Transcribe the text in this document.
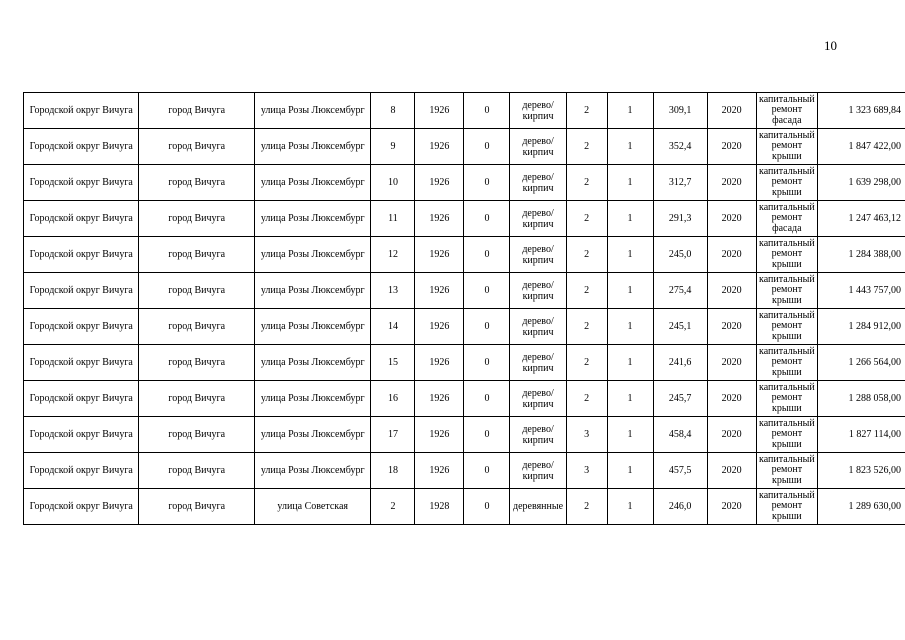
10
Городской округ Вичуга	город Вичуга	улица Розы Люксембург	8	1926	0	дерево/кирпич	2	1	309,1	2020	капитальный ремонт фасада	1 323 689,84
Городской округ Вичуга	город Вичуга	улица Розы Люксембург	9	1926	0	дерево/кирпич	2	1	352,4	2020	капитальный ремонт крыши	1 847 422,00
Городской округ Вичуга	город Вичуга	улица Розы Люксембург	10	1926	0	дерево/кирпич	2	1	312,7	2020	капитальный ремонт крыши	1 639 298,00
Городской округ Вичуга	город Вичуга	улица Розы Люксембург	11	1926	0	дерево/кирпич	2	1	291,3	2020	капитальный ремонт фасада	1 247 463,12
Городской округ Вичуга	город Вичуга	улица Розы Люксембург	12	1926	0	дерево/кирпич	2	1	245,0	2020	капитальный ремонт крыши	1 284 388,00
Городской округ Вичуга	город Вичуга	улица Розы Люксембург	13	1926	0	дерево/кирпич	2	1	275,4	2020	капитальный ремонт крыши	1 443 757,00
Городской округ Вичуга	город Вичуга	улица Розы Люксембург	14	1926	0	дерево/кирпич	2	1	245,1	2020	капитальный ремонт крыши	1 284 912,00
Городской округ Вичуга	город Вичуга	улица Розы Люксембург	15	1926	0	дерево/кирпич	2	1	241,6	2020	капитальный ремонт крыши	1 266 564,00
Городской округ Вичуга	город Вичуга	улица Розы Люксембург	16	1926	0	дерево/кирпич	2	1	245,7	2020	капитальный ремонт крыши	1 288 058,00
Городской округ Вичуга	город Вичуга	улица Розы Люксембург	17	1926	0	дерево/кирпич	3	1	458,4	2020	капитальный ремонт крыши	1 827 114,00
Городской округ Вичуга	город Вичуга	улица Розы Люксембург	18	1926	0	дерево/кирпич	3	1	457,5	2020	капитальный ремонт крыши	1 823 526,00
Городской округ Вичуга	город Вичуга	улица Советская	2	1928	0	деревянные	2	1	246,0	2020	капитальный ремонт крыши	1 289 630,00
